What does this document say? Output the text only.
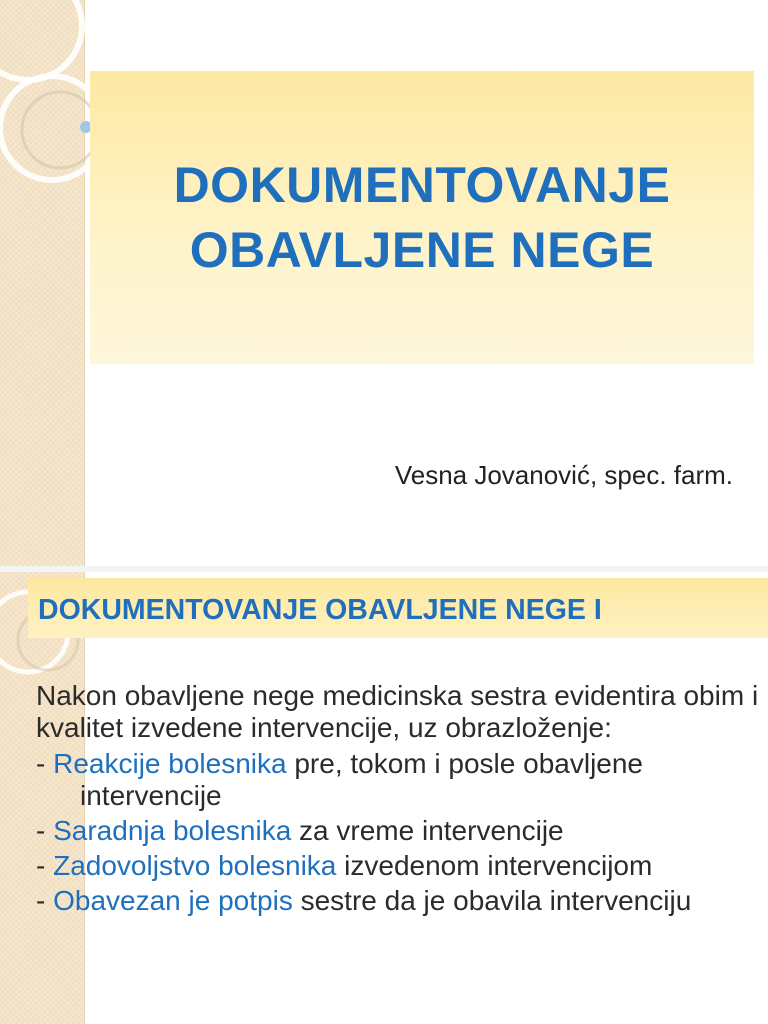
DOKUMENTOVANJE
OBAVLJENE NEGE
Vesna Jovanović, spec. farm.
DOKUMENTOVANJE OBAVLJENE NEGE I

Nakon obavljene nege medicinska sestra evidentira obim i kvalitet izvedene intervencije, uz obrazloženje:

- Reakcije bolesnika pre, tokom i posle obavljene intervencije
- Saradnja bolesnika za vreme intervencije
- Zadovoljstvo bolesnika izvedenom intervencijom
- Obavezan je potpis sestre da je obavila intervenciju
